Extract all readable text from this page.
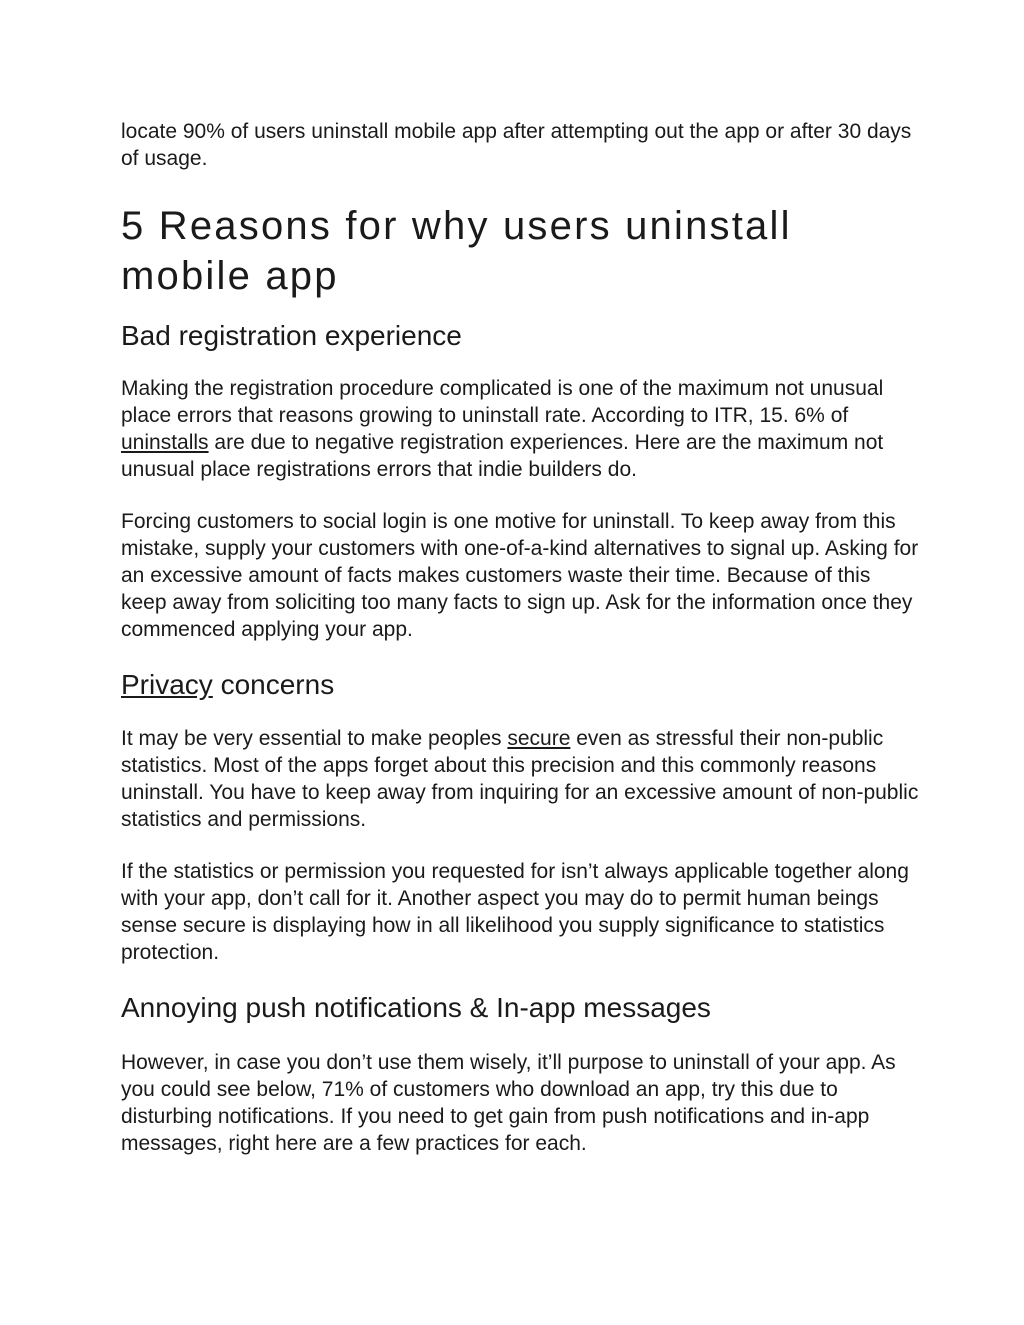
locate 90% of users uninstall mobile app after attempting out the app or after 30 days of usage.

5 Reasons for why users uninstall mobile app
Bad registration experience

Making the registration procedure complicated is one of the maximum not unusual place errors that reasons growing to uninstall rate. According to ITR, 15. 6% of uninstalls are due to negative registration experiences. Here are the maximum not unusual place registrations errors that indie builders do.

Forcing customers to social login is one motive for uninstall. To keep away from this mistake, supply your customers with one-of-a-kind alternatives to signal up. Asking for an excessive amount of facts makes customers waste their time. Because of this keep away from soliciting too many facts to sign up. Ask for the information once they commenced applying your app.

Privacy concerns

It may be very essential to make peoples secure even as stressful their non-public statistics. Most of the apps forget about this precision and this commonly reasons uninstall. You have to keep away from inquiring for an excessive amount of non-public statistics and permissions.

If the statistics or permission you requested for isn’t always applicable together along with your app, don’t call for it. Another aspect you may do to permit human beings sense secure is displaying how in all likelihood you supply significance to statistics protection.

Annoying push notifications & In-app messages

However, in case you don’t use them wisely, it’ll purpose to uninstall of your app. As you could see below, 71% of customers who download an app, try this due to disturbing notifications. If you need to get gain from push notifications and in-app messages, right here are a few practices for each.
